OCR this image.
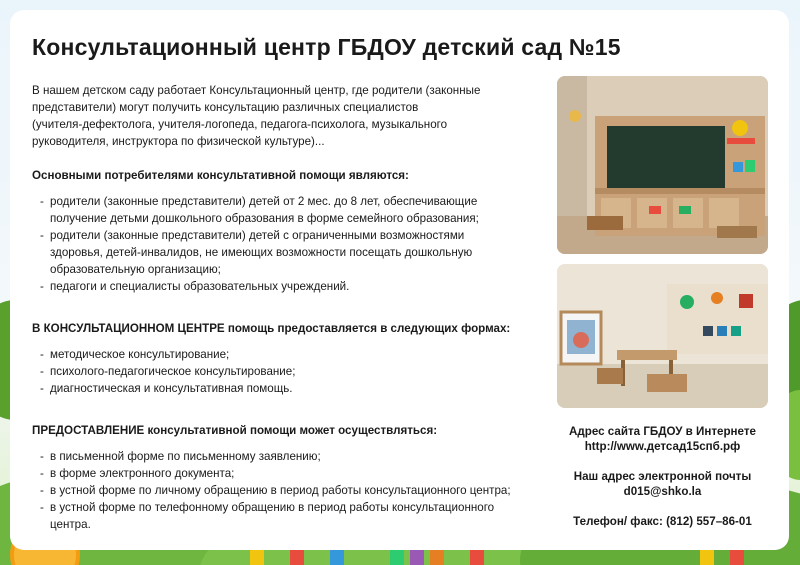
Консультационный центр ГБДОУ детский сад №15

В нашем детском саду работает Консультационный центр, где родители (законные

представители) могут получить консультацию различных специалистов

(учителя-дефектолога, учителя-логопеда, педагога-психолога, музыкального

руководителя, инструктора по физической культуре)...

Основными потребителями консультативной помощи являются:

- родители (законные представители) детей от 2 мес. до 8 лет, обеспечивающие
получение детьми дошкольного образования в форме семейного образования;
- родители (законные представители) детей с ограниченными возможностями
здоровья, детей-инвалидов, не имеющих возможности посещать дошкольную
образовательную организацию;
- педагоги и специалисты образовательных учреждений.

В КОНСУЛЬТАЦИОННОМ ЦЕНТРЕ помощь предоставляется в следующих формах:

- методическое консультирование;
- психолого-педагогическое консультирование;
- диагностическая и консультативная помощь.

ПРЕДОСТАВЛЕНИЕ консультативной помощи может осуществляться:

- в письменной форме по письменному заявлению;
- в форме электронного документа;
- в устной форме по личному обращению в период работы консультационного центра;
- в устной форме по телефонному обращению в период работы консультационного
центра.
Адрес сайта ГБДОУ в Интернете
http://www.детсад15спб.рф
Наш адрес электронной почты
d015@shko.la
Телефон/ факс: (812) 557–86-01
